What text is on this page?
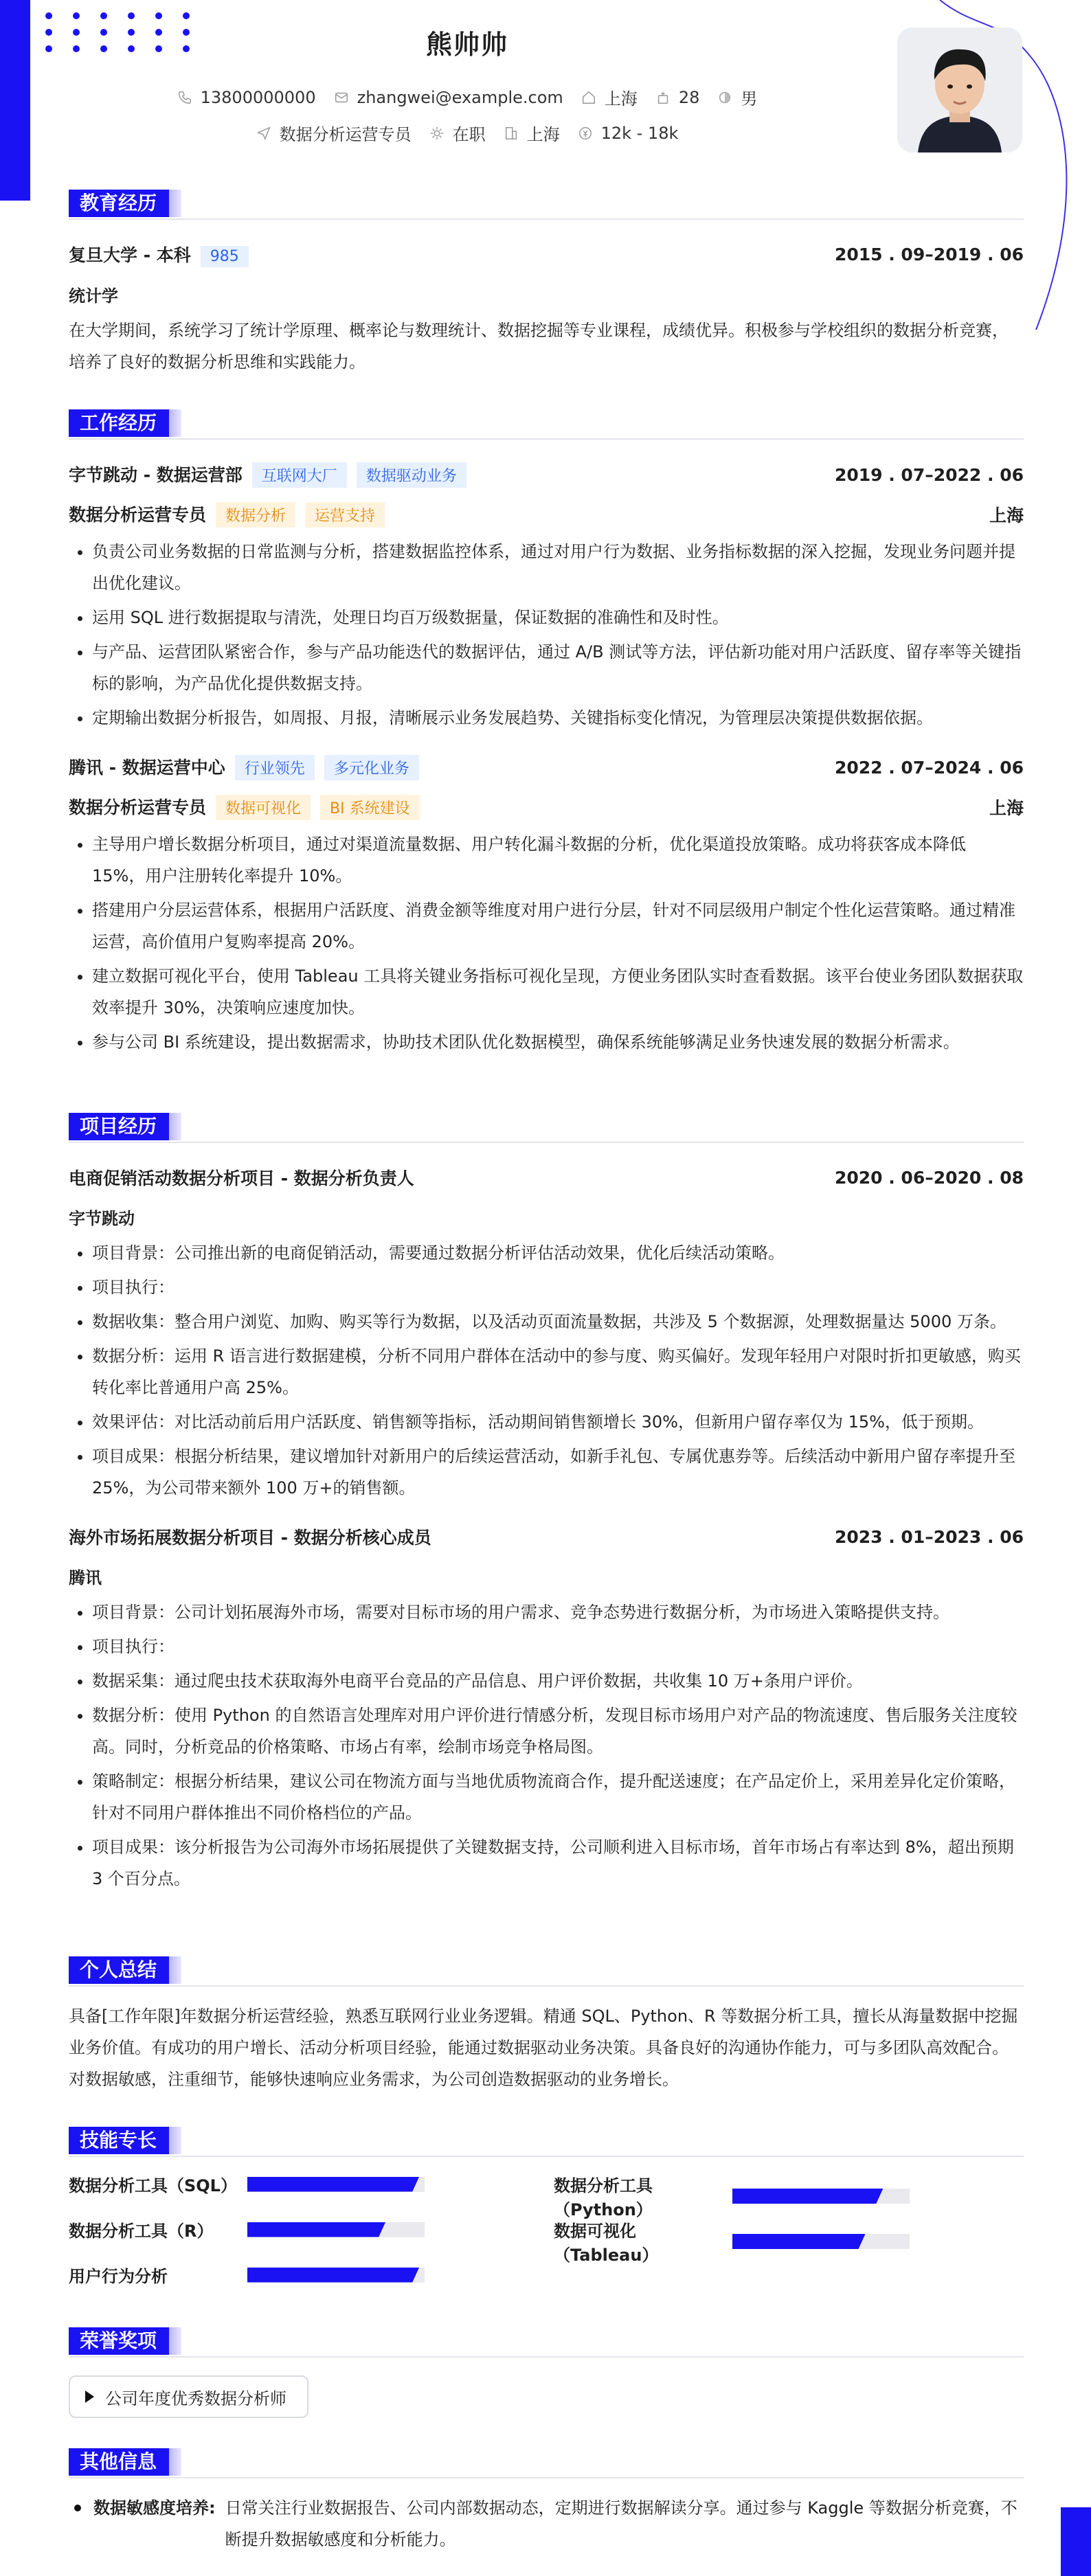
熊帅帅
13800000000	zhangwei@example.com	上海	28	男
数据分析运营专员	在职	上海	12k - 18k
教育经历
复旦大学 - 本科 985	2015 . 09–2019 . 06
统计学
在大学期间，系统学习了统计学原理、概率论与数理统计、数据挖掘等专业课程，成绩优异。积极参与学校组织的数据分析竞赛，培养了良好的数据分析思维和实践能力。
工作经历
字节跳动 - 数据运营部 互联网大厂 数据驱动业务	2019 . 07–2022 . 06
数据分析运营专员 数据分析 运营支持	上海
• 负责公司业务数据的日常监测与分析，搭建数据监控体系，通过对用户行为数据、业务指标数据的深入挖掘，发现业务问题并提出优化建议。
• 运用 SQL 进行数据提取与清洗，处理日均百万级数据量，保证数据的准确性和及时性。
• 与产品、运营团队紧密合作，参与产品功能迭代的数据评估，通过 A/B 测试等方法，评估新功能对用户活跃度、留存率等关键指标的影响，为产品优化提供数据支持。
• 定期输出数据分析报告，如周报、月报，清晰展示业务发展趋势、关键指标变化情况，为管理层决策提供数据依据。
腾讯 - 数据运营中心 行业领先 多元化业务	2022 . 07–2024 . 06
数据分析运营专员 数据可视化 BI 系统建设	上海
• 主导用户增长数据分析项目，通过对渠道流量数据、用户转化漏斗数据的分析，优化渠道投放策略。成功将获客成本降低 15%，用户注册转化率提升 10%。
• 搭建用户分层运营体系，根据用户活跃度、消费金额等维度对用户进行分层，针对不同层级用户制定个性化运营策略。通过精准运营，高价值用户复购率提高 20%。
• 建立数据可视化平台，使用 Tableau 工具将关键业务指标可视化呈现，方便业务团队实时查看数据。该平台使业务团队数据获取效率提升 30%，决策响应速度加快。
• 参与公司 BI 系统建设，提出数据需求，协助技术团队优化数据模型，确保系统能够满足业务快速发展的数据分析需求。
项目经历
电商促销活动数据分析项目 - 数据分析负责人	2020 . 06–2020 . 08
字节跳动
• 项目背景：公司推出新的电商促销活动，需要通过数据分析评估活动效果，优化后续活动策略。
• 项目执行：
• 数据收集：整合用户浏览、加购、购买等行为数据，以及活动页面流量数据，共涉及 5 个数据源，处理数据量达 5000 万条。
• 数据分析：运用 R 语言进行数据建模，分析不同用户群体在活动中的参与度、购买偏好。发现年轻用户对限时折扣更敏感，购买转化率比普通用户高 25%。
• 效果评估：对比活动前后用户活跃度、销售额等指标，活动期间销售额增长 30%，但新用户留存率仅为 15%，低于预期。
• 项目成果：根据分析结果，建议增加针对新用户的后续运营活动，如新手礼包、专属优惠券等。后续活动中新用户留存率提升至 25%，为公司带来额外 100 万+的销售额。
海外市场拓展数据分析项目 - 数据分析核心成员	2023 . 01–2023 . 06
腾讯
• 项目背景：公司计划拓展海外市场，需要对目标市场的用户需求、竞争态势进行数据分析，为市场进入策略提供支持。
• 项目执行：
• 数据采集：通过爬虫技术获取海外电商平台竞品的产品信息、用户评价数据，共收集 10 万+条用户评价。
• 数据分析：使用 Python 的自然语言处理库对用户评价进行情感分析，发现目标市场用户对产品的物流速度、售后服务关注度较高。同时，分析竞品的价格策略、市场占有率，绘制市场竞争格局图。
• 策略制定：根据分析结果，建议公司在物流方面与当地优质物流商合作，提升配送速度；在产品定价上，采用差异化定价策略，针对不同用户群体推出不同价格档位的产品。
• 项目成果：该分析报告为公司海外市场拓展提供了关键数据支持，公司顺利进入目标市场，首年市场占有率达到 8%，超出预期 3 个百分点。
个人总结
具备[工作年限]年数据分析运营经验，熟悉互联网行业业务逻辑。精通 SQL、Python、R 等数据分析工具，擅长从海量数据中挖掘业务价值。有成功的用户增长、活动分析项目经验，能通过数据驱动业务决策。具备良好的沟通协作能力，可与多团队高效配合。对数据敏感，注重细节，能够快速响应业务需求，为公司创造数据驱动的业务增长。
技能专长
数据分析工具（SQL）	数据分析工具（Python）
数据分析工具（R）	数据可视化（Tableau）
用户行为分析
荣誉奖项
公司年度优秀数据分析师
其他信息
数据敏感度培养: 日常关注行业数据报告、公司内部数据动态，定期进行数据解读分享。通过参与 Kaggle 等数据分析竞赛，不断提升数据敏感度和分析能力。
